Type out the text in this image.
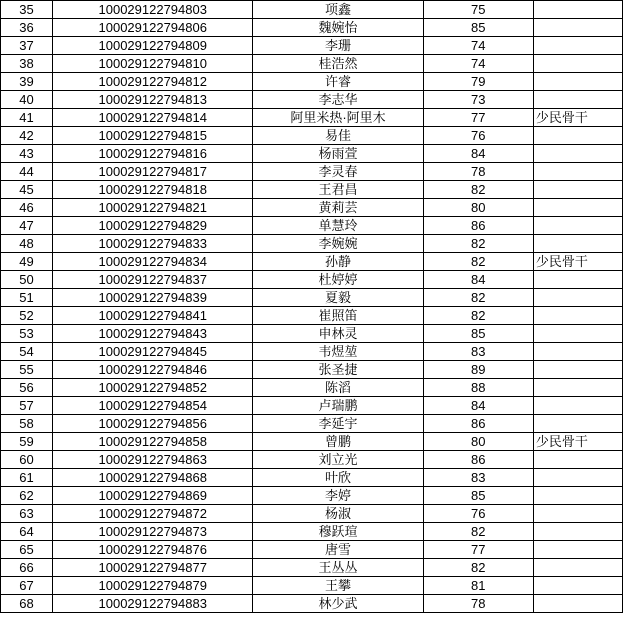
35	100029122794803	项鑫	75	
36	100029122794806	魏婉怡	85	
37	100029122794809	李珊	74	
38	100029122794810	桂浩然	74	
39	100029122794812	许睿	79	
40	100029122794813	李志华	73	
41	100029122794814	阿里米热·阿里木	77	少民骨干
42	100029122794815	易佳	76	
43	100029122794816	杨雨萱	84	
44	100029122794817	李灵春	78	
45	100029122794818	王君昌	82	
46	100029122794821	黄莉芸	80	
47	100029122794829	单慧玲	86	
48	100029122794833	李婉婉	82	
49	100029122794834	孙静	82	少民骨干
50	100029122794837	杜婷婷	84	
51	100029122794839	夏毅	82	
52	100029122794841	崔照笛	82	
53	100029122794843	申林灵	85	
54	100029122794845	韦煜堃	83	
55	100029122794846	张圣捷	89	
56	100029122794852	陈滔	88	
57	100029122794854	卢瑞鹏	84	
58	100029122794856	李延宇	86	
59	100029122794858	曾鹏	80	少民骨干
60	100029122794863	刘立光	86	
61	100029122794868	叶欣	83	
62	100029122794869	李婷	85	
63	100029122794872	杨淑	76	
64	100029122794873	穆跃瑄	82	
65	100029122794876	唐雪	77	
66	100029122794877	王丛丛	82	
67	100029122794879	王攀	81	
68	100029122794883	林少武	78	
